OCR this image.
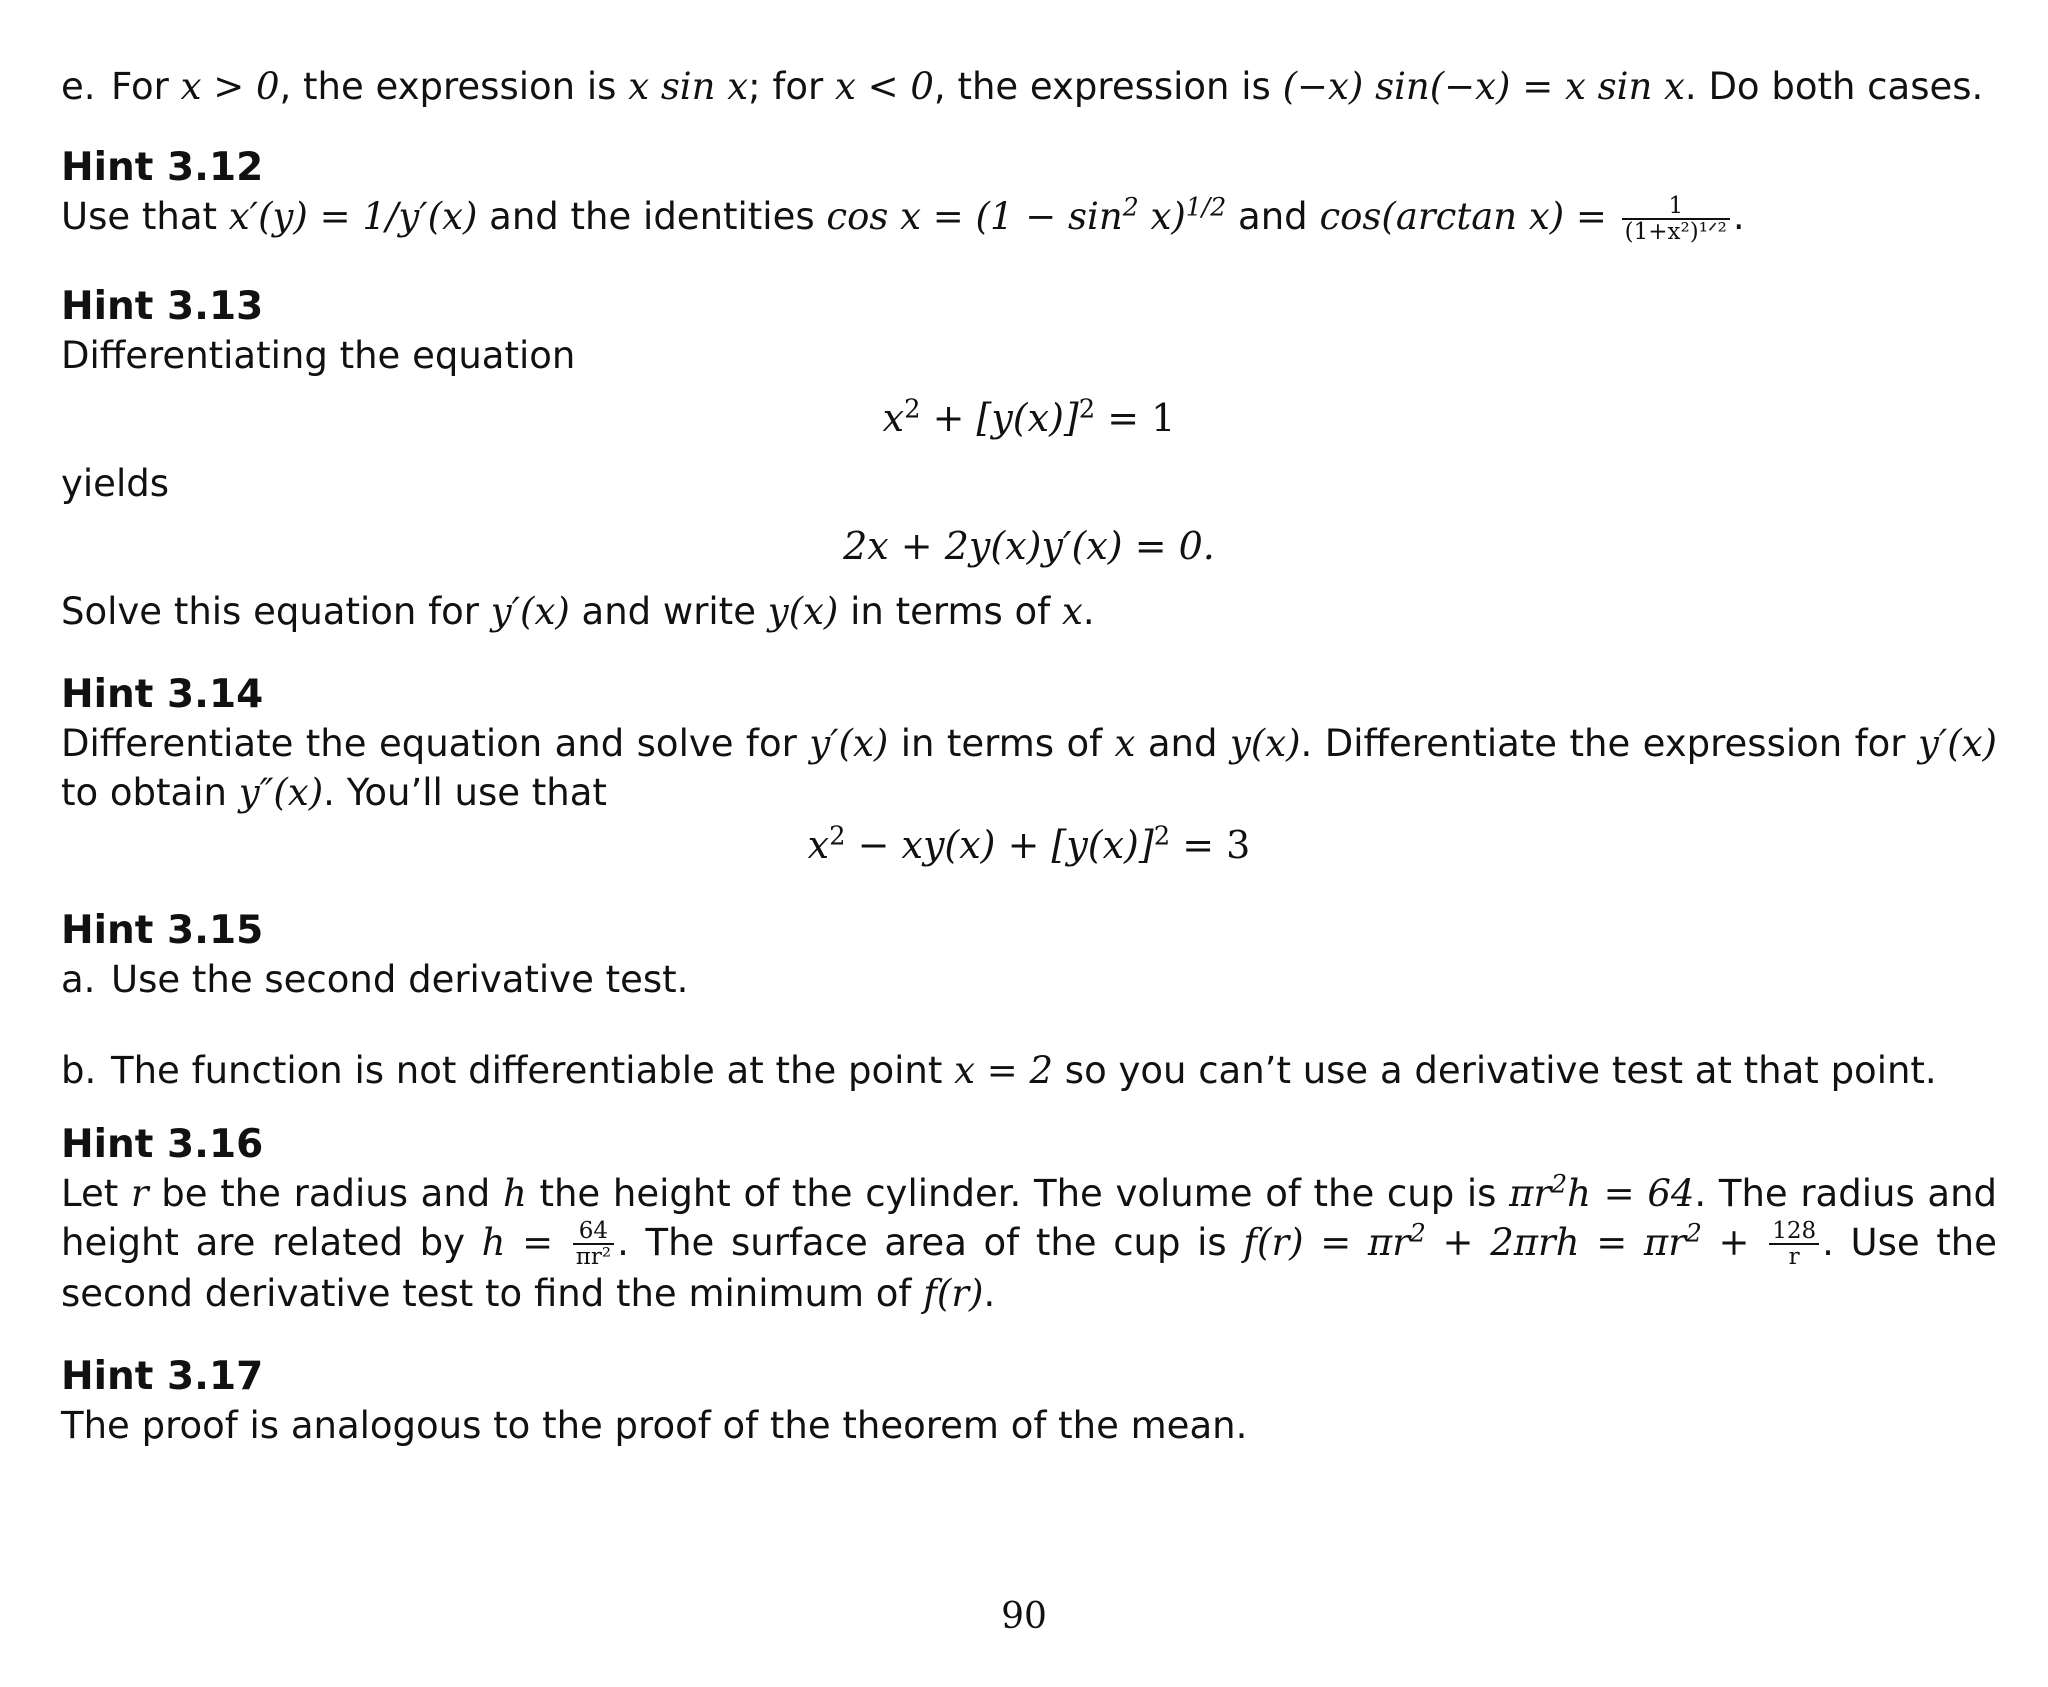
e. For x > 0, the expression is x sin x; for x < 0, the expression is (−x) sin(−x) = x sin x. Do both cases.
Hint 3.12
Use that x′(y) = 1/y′(x) and the identities $\cos x = (1 - \sin^2 x)^{1/2}$ and cos(arctan $x) = \frac{1}{\text{(1+x²)¹ᐟ²}}$ .
Hint 3.13
Differentiating the equation
$x^2 + [y(x)]^2 = 1$
yields
2x + 2y(x)y′(x) = 0.
Solve this equation for y′(x) and write y(x) in terms of x.
Hint 3.14
Differentiate the equation and solve for y′(x) in terms of x and y(x). Differentiate the expression for y′(x) to obtain y″(x). You’ll use that
$x^2 - xy(x) + [y(x)]^2 = 3$
Hint 3.15
a. Use the second derivative test.
b. The function is not differentiable at the point x = 2 so you can’t use a derivative test at that point.
Hint 3.16
Let r be the radius and h the height of the cylinder. The volume of the cup is $\pi r^2h = 64$. The radius and height are related by $h = \frac{64}{\text{πr²}}$ . The surface area of the cup is $f(r) = \pi r^2 + 2\pi rh = \pi r^2 + \frac{128}{r}$ . Use the second derivative test to find the minimum of f(r).
Hint 3.17
The proof is analogous to the proof of the theorem of the mean.
90
